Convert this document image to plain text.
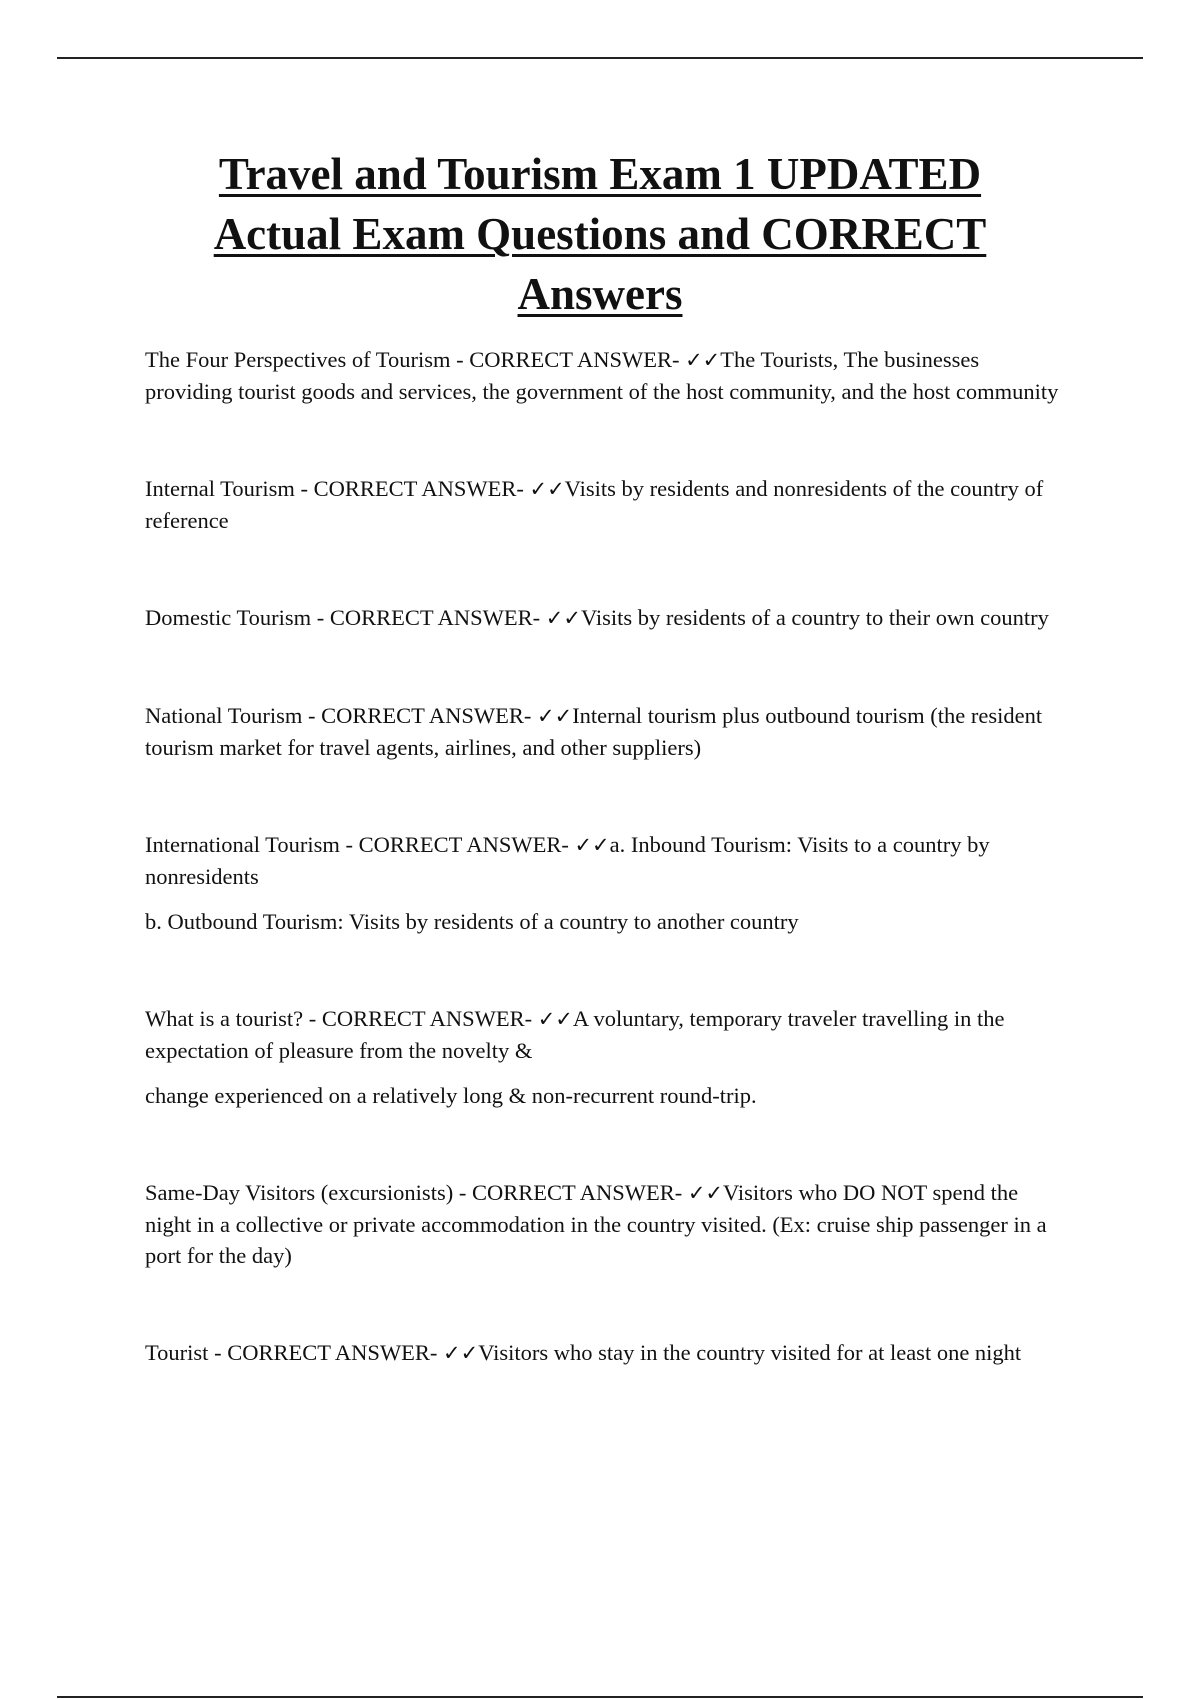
Travel and Tourism Exam 1 UPDATED
Actual Exam Questions and CORRECT
Answers

The Four Perspectives of Tourism - CORRECT ANSWER- ✓✓The Tourists, The businesses providing tourist goods and services, the government of the host community, and the host community

Internal Tourism - CORRECT ANSWER- ✓✓Visits by residents and nonresidents of the country of reference

Domestic Tourism - CORRECT ANSWER- ✓✓Visits by residents of a country to their own country

National Tourism - CORRECT ANSWER- ✓✓Internal tourism plus outbound tourism (the resident tourism market for travel agents, airlines, and other suppliers)

International Tourism - CORRECT ANSWER- ✓✓a. Inbound Tourism: Visits to a country by nonresidents

b. Outbound Tourism: Visits by residents of a country to another country

What is a tourist? - CORRECT ANSWER- ✓✓A voluntary, temporary traveler travelling in the expectation of pleasure from the novelty &

change experienced on a relatively long & non-recurrent round-trip.

Same-Day Visitors (excursionists) - CORRECT ANSWER- ✓✓Visitors who DO NOT spend the night in a collective or private accommodation in the country visited. (Ex: cruise ship passenger in a port for the day)

Tourist - CORRECT ANSWER- ✓✓Visitors who stay in the country visited for at least one night
